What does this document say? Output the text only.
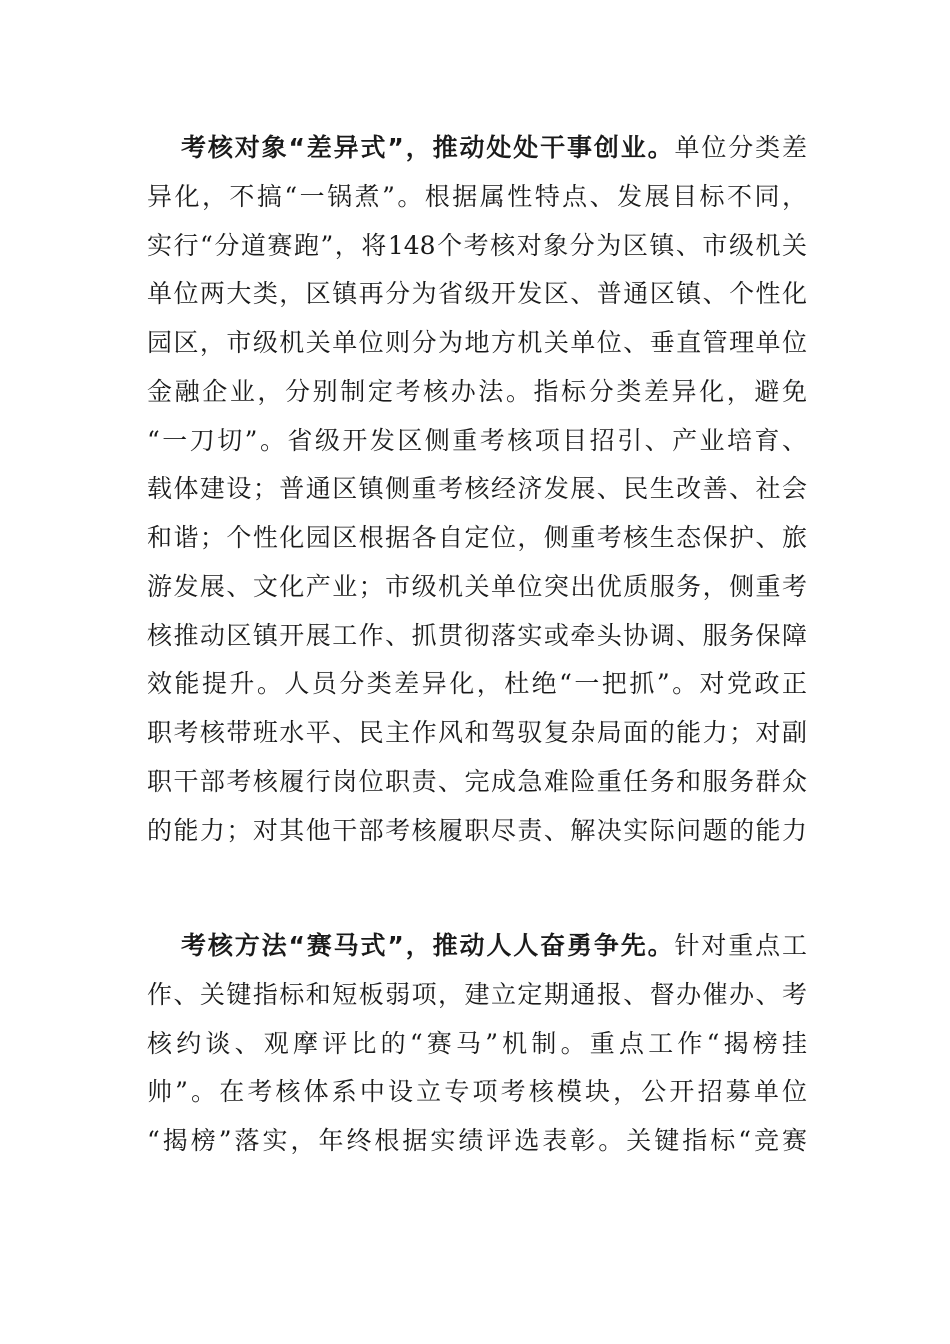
考核对象“差异式”，推动处处干事创业。单位分类差
异化，不搞“一锅煮”。根据属性特点、发展目标不同，
实行“分道赛跑”，将148个考核对象分为区镇、市级机关
单位两大类，区镇再分为省级开发区、普通区镇、个性化
园区，市级机关单位则分为地方机关单位、垂直管理单位
金融企业，分别制定考核办法。指标分类差异化，避免
“一刀切”。省级开发区侧重考核项目招引、产业培育、
载体建设；普通区镇侧重考核经济发展、民生改善、社会
和谐；个性化园区根据各自定位，侧重考核生态保护、旅
游发展、文化产业；市级机关单位突出优质服务，侧重考
核推动区镇开展工作、抓贯彻落实或牵头协调、服务保障
效能提升。人员分类差异化，杜绝“一把抓”。对党政正
职考核带班水平、民主作风和驾驭复杂局面的能力；对副
职干部考核履行岗位职责、完成急难险重任务和服务群众
的能力；对其他干部考核履职尽责、解决实际问题的能力
考核方法“赛马式”，推动人人奋勇争先。针对重点工
作、关键指标和短板弱项，建立定期通报、督办催办、考
核约谈、观摩评比的“赛马”机制。重点工作“揭榜挂
帅”。在考核体系中设立专项考核模块，公开招募单位
“揭榜”落实，年终根据实绩评选表彰。关键指标“竞赛
